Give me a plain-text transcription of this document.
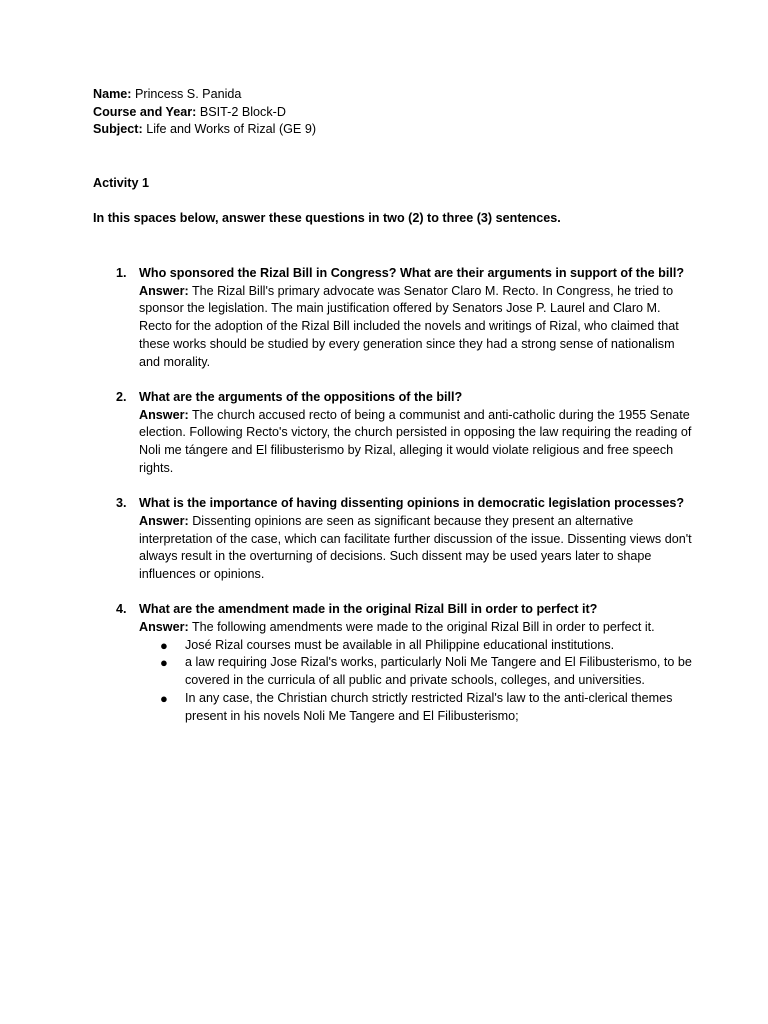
Name: Princess S. Panida
Course and Year: BSIT-2 Block-D
Subject: Life and Works of Rizal (GE 9)
Activity 1
In this spaces below, answer these questions in two (2) to three (3) sentences.
1. Who sponsored the Rizal Bill in Congress? What are their arguments in support of the bill?
Answer: The Rizal Bill's primary advocate was Senator Claro M. Recto. In Congress, he tried to sponsor the legislation. The main justification offered by Senators Jose P. Laurel and Claro M. Recto for the adoption of the Rizal Bill included the novels and writings of Rizal, who claimed that these works should be studied by every generation since they had a strong sense of nationalism and morality.
2. What are the arguments of the oppositions of the bill?
Answer: The church accused recto of being a communist and anti-catholic during the 1955 Senate election. Following Recto's victory, the church persisted in opposing the law requiring the reading of Noli me tángere and El filibusterismo by Rizal, alleging it would violate religious and free speech rights.
3. What is the importance of having dissenting opinions in democratic legislation processes?
Answer: Dissenting opinions are seen as significant because they present an alternative interpretation of the case, which can facilitate further discussion of the issue. Dissenting views don't always result in the overturning of decisions. Such dissent may be used years later to shape influences or opinions.
4. What are the amendment made in the original Rizal Bill in order to perfect it?
Answer: The following amendments were made to the original Rizal Bill in order to perfect it.
● José Rizal courses must be available in all Philippine educational institutions.
● a law requiring Jose Rizal's works, particularly Noli Me Tangere and El Filibusterismo, to be covered in the curricula of all public and private schools, colleges, and universities.
● In any case, the Christian church strictly restricted Rizal's law to the anti-clerical themes present in his novels Noli Me Tangere and El Filibusterismo;
